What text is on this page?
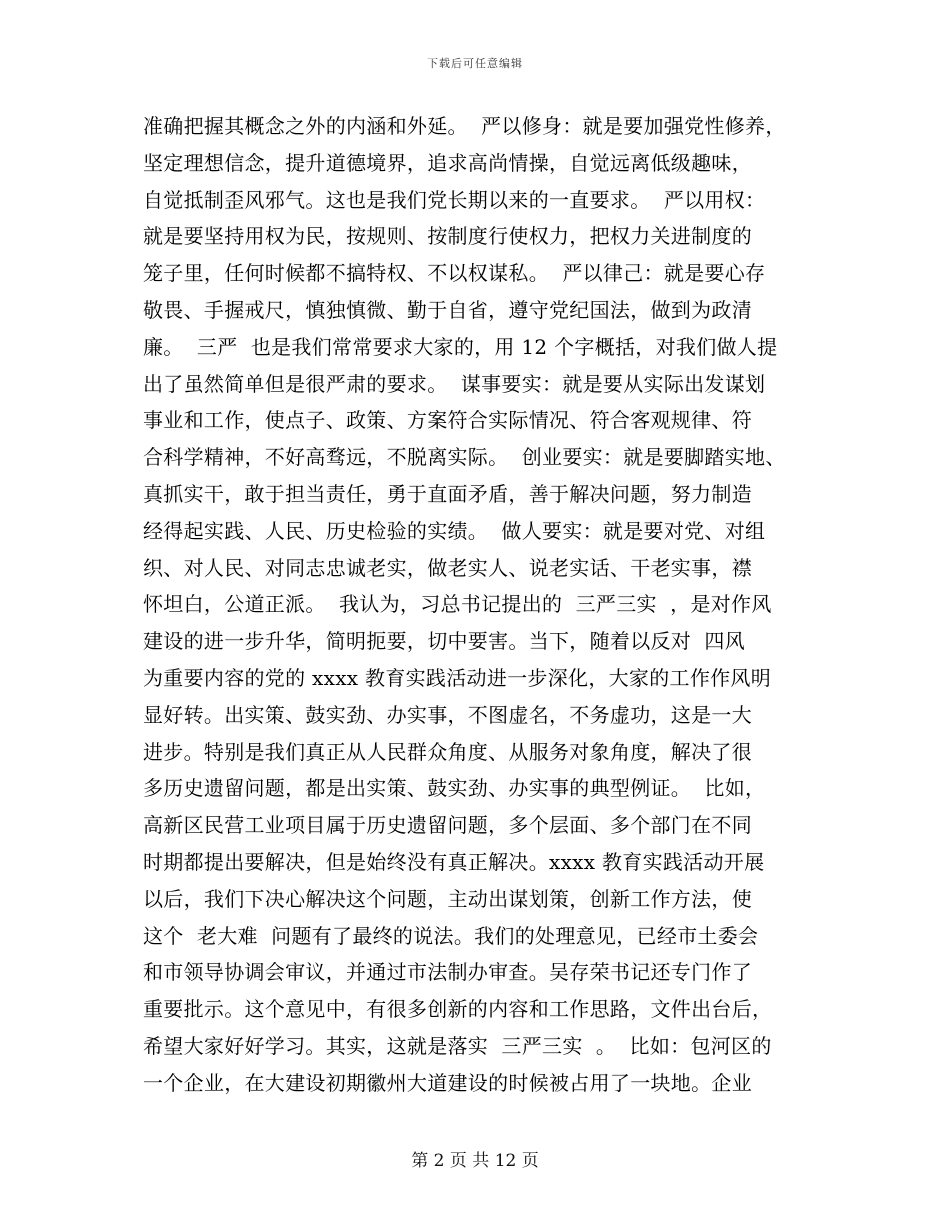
下载后可任意编辑
准确把握其概念之外的内涵和外延。  严以修身：就是要加强党性修养，
坚定理想信念，提升道德境界，追求高尚情操，自觉远离低级趣味，
自觉抵制歪风邪气。这也是我们党长期以来的一直要求。  严以用权：
就是要坚持用权为民，按规则、按制度行使权力，把权力关进制度的
笼子里，任何时候都不搞特权、不以权谋私。  严以律己：就是要心存
敬畏、手握戒尺，慎独慎微、勤于自省，遵守党纪国法，做到为政清
廉。  三严  也是我们常常要求大家的，用 12 个字概括，对我们做人提
出了虽然简单但是很严肃的要求。  谋事要实：就是要从实际出发谋划
事业和工作，使点子、政策、方案符合实际情况、符合客观规律、符
合科学精神，不好高骛远，不脱离实际。  创业要实：就是要脚踏实地、
真抓实干，敢于担当责任，勇于直面矛盾，善于解决问题，努力制造
经得起实践、人民、历史检验的实绩。  做人要实：就是要对党、对组
织、对人民、对同志忠诚老实，做老实人、说老实话、干老实事，襟
怀坦白，公道正派。  我认为，习总书记提出的  三严三实  ，是对作风
建设的进一步升华，简明扼要，切中要害。当下，随着以反对  四风
为重要内容的党的 xxxx 教育实践活动进一步深化，大家的工作作风明
显好转。出实策、鼓实劲、办实事，不图虚名，不务虚功，这是一大
进步。特别是我们真正从人民群众角度、从服务对象角度，解决了很
多历史遗留问题，都是出实策、鼓实劲、办实事的典型例证。  比如，
高新区民营工业项目属于历史遗留问题，多个层面、多个部门在不同
时期都提出要解决，但是始终没有真正解决。xxxx 教育实践活动开展
以后，我们下决心解决这个问题，主动出谋划策，创新工作方法，使
这个  老大难  问题有了最终的说法。我们的处理意见，已经市土委会
和市领导协调会审议，并通过市法制办审查。吴存荣书记还专门作了
重要批示。这个意见中，有很多创新的内容和工作思路，文件出台后，
希望大家好好学习。其实，这就是落实  三严三实  。  比如：包河区的
一个企业，在大建设初期徽州大道建设的时候被占用了一块地。企业
第 2 页 共 12 页
